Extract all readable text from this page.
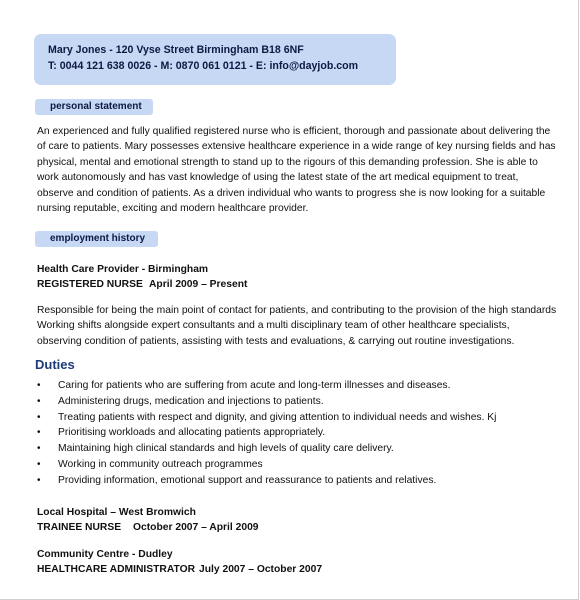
Mary Jones - 120 Vyse Street Birmingham B18 6NF
T: 0044 121 638 0026 - M: 0870 061 0121 - E: info@dayjob.com
personal statement

An experienced and fully qualified registered nurse who is efficient, thorough and passionate about delivering the of care to patients. Mary possesses extensive healthcare experience in a wide range of key nursing fields and has physical, mental and emotional strength to stand up to the rigours of this demanding profession. She is able to work autonomously and has vast knowledge of using the latest state of the art medical equipment to treat, observe and condition of patients. As a driven individual who wants to progress she is now looking for a suitable nursing reputable, exciting and modern healthcare provider.

employment history
Health Care Provider - Birmingham
REGISTERED NURSE April 2009 – Present

Responsible for being the main point of contact for patients, and contributing to the provision of the high standards Working shifts alongside expert consultants and a multi disciplinary team of other healthcare specialists, observing condition of patients, assisting with tests and evaluations, & carrying out routine investigations.

Duties
• Caring for patients who are suffering from acute and long-term illnesses and diseases.
• Administering drugs, medication and injections to patients.
• Treating patients with respect and dignity, and giving attention to individual needs and wishes. Kj
• Prioritising workloads and allocating patients appropriately.
• Maintaining high clinical standards and high levels of quality care delivery.
• Working in community outreach programmes
• Providing information, emotional support and reassurance to patients and relatives.
Local Hospital – West Bromwich
TRAINEE NURSE October 2007 – April 2009
Community Centre - Dudley
HEALTHCARE ADMINISTRATOR July 2007 – October 2007
